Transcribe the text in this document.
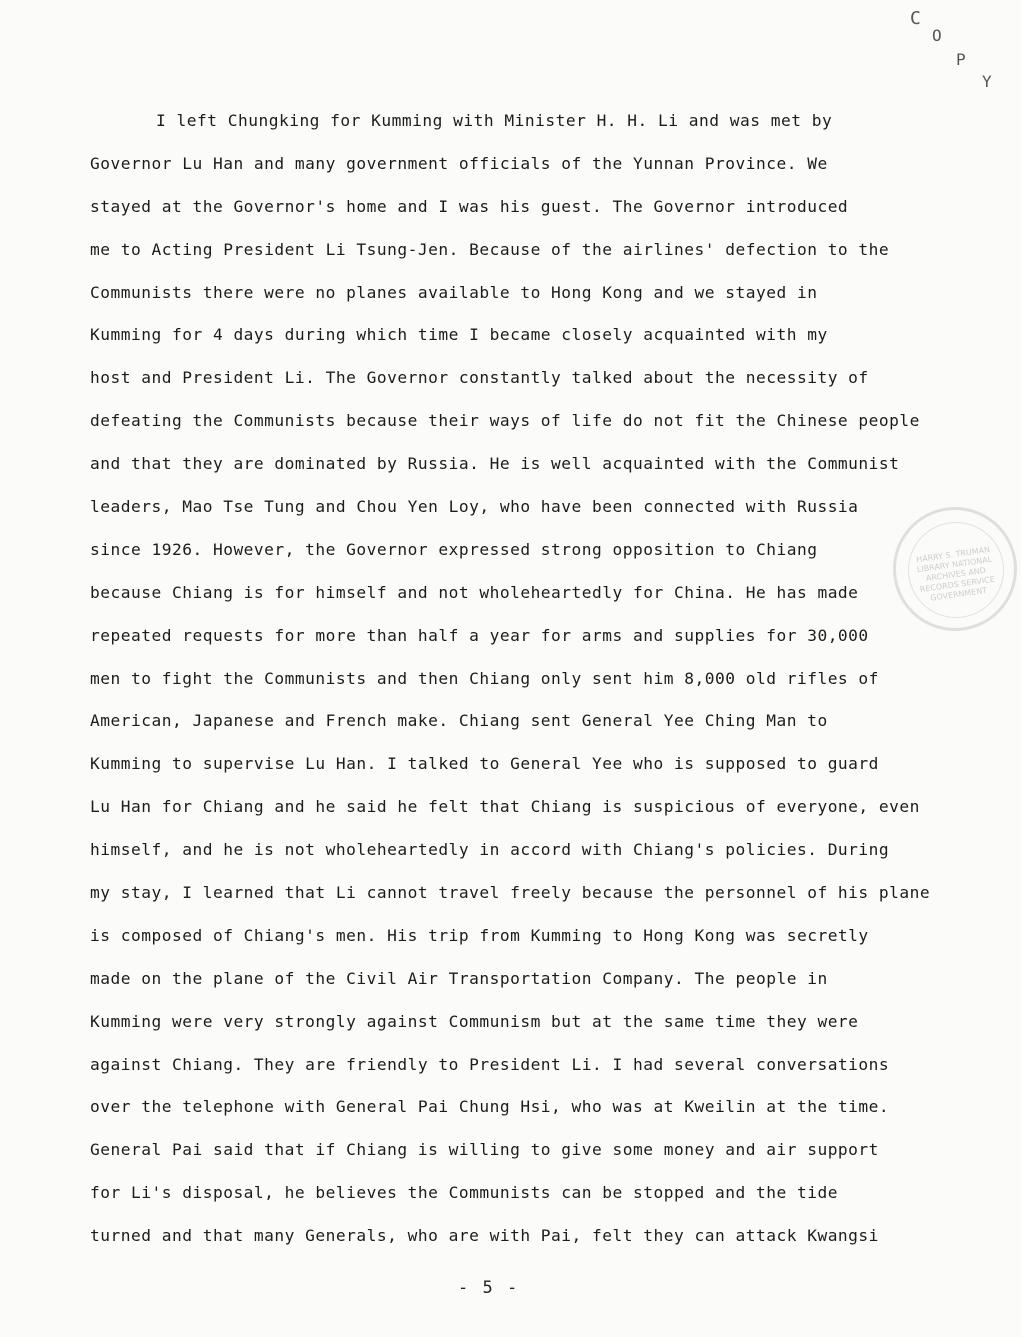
C
O
P
Y
I left Chungking for Kumming with Minister H. H. Li and was met by
Governor Lu Han and many government officials of the Yunnan Province. We
stayed at the Governor's home and I was his guest. The Governor introduced
me to Acting President Li Tsung-Jen. Because of the airlines' defection to the
Communists there were no planes available to Hong Kong and we stayed in
Kumming for 4 days during which time I became closely acquainted with my
host and President Li. The Governor constantly talked about the necessity of
defeating the Communists because their ways of life do not fit the Chinese people
and that they are dominated by Russia. He is well acquainted with the Communist
leaders, Mao Tse Tung and Chou Yen Loy, who have been connected with Russia
since 1926. However, the Governor expressed strong opposition to Chiang
because Chiang is for himself and not wholeheartedly for China. He has made
repeated requests for more than half a year for arms and supplies for 30,000
men to fight the Communists and then Chiang only sent him 8,000 old rifles of
American, Japanese and French make. Chiang sent General Yee Ching Man to
Kumming to supervise Lu Han. I talked to General Yee who is supposed to guard
Lu Han for Chiang and he said he felt that Chiang is suspicious of everyone, even
himself, and he is not wholeheartedly in accord with Chiang's policies. During
my stay, I learned that Li cannot travel freely because the personnel of his plane
is composed of Chiang's men. His trip from Kumming to Hong Kong was secretly
made on the plane of the Civil Air Transportation Company. The people in
Kumming were very strongly against Communism but at the same time they were
against Chiang. They are friendly to President Li. I had several conversations
over the telephone with General Pai Chung Hsi, who was at Kweilin at the time.
General Pai said that if Chiang is willing to give some money and air support
for Li's disposal, he believes the Communists can be stopped and the tide
turned and that many Generals, who are with Pai, felt they can attack Kwangsi
HARRY S. TRUMAN LIBRARY NATIONAL ARCHIVES AND RECORDS SERVICE GOVERNMENT
- 5 -
